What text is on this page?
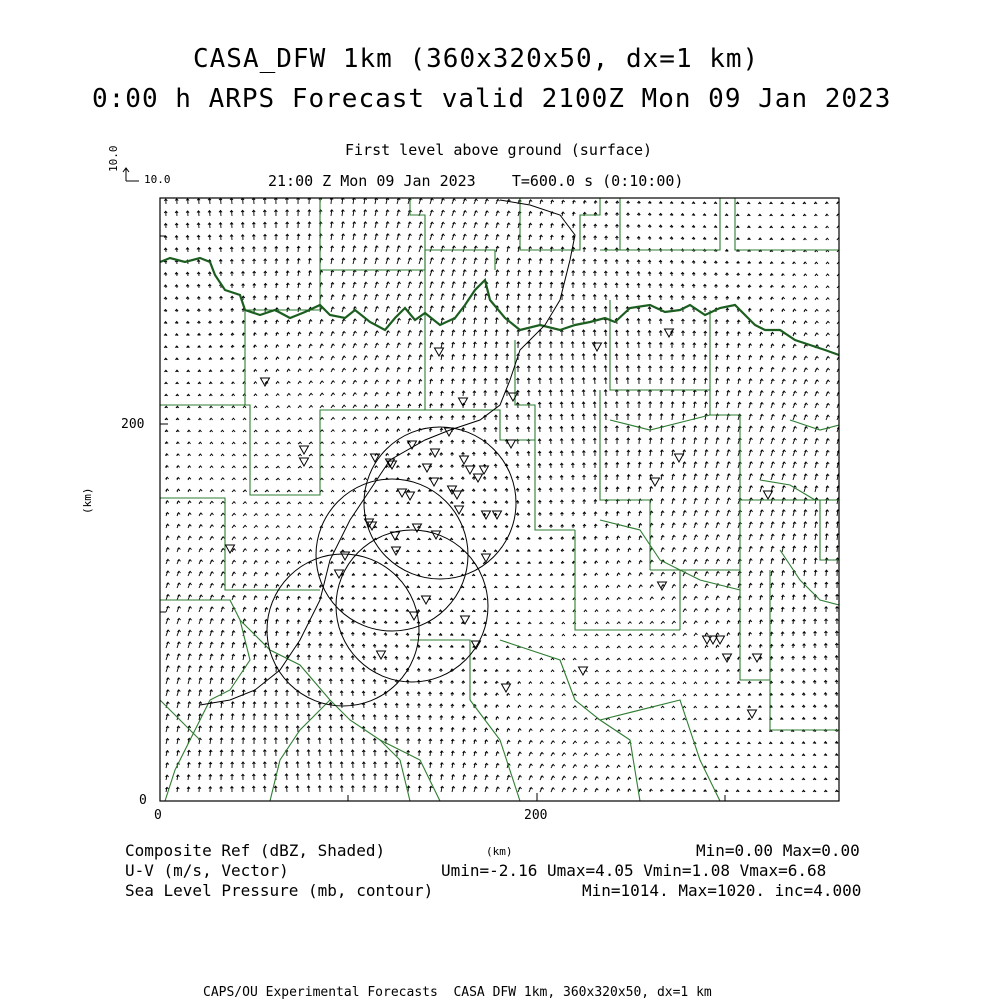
CASA_DFW 1km (360x320x50, dx=1 km)
0:00 h ARPS Forecast valid 2100Z Mon 09 Jan 2023
First level above ground (surface)
21:00 Z Mon 09 Jan 2023    T=600.0 s (0:10:00)
10.0
10.0
200
0
0	200
(km)
(km)
Composite Ref (dBZ, Shaded)	Min=0.00 Max=0.00
U-V (m/s, Vector)	Umin=-2.16 Umax=4.05 Vmin=1.08 Vmax=6.68
Sea Level Pressure (mb, contour)	Min=1014. Max=1020. inc=4.000
CAPS/OU Experimental Forecasts  CASA DFW 1km, 360x320x50, dx=1 km
